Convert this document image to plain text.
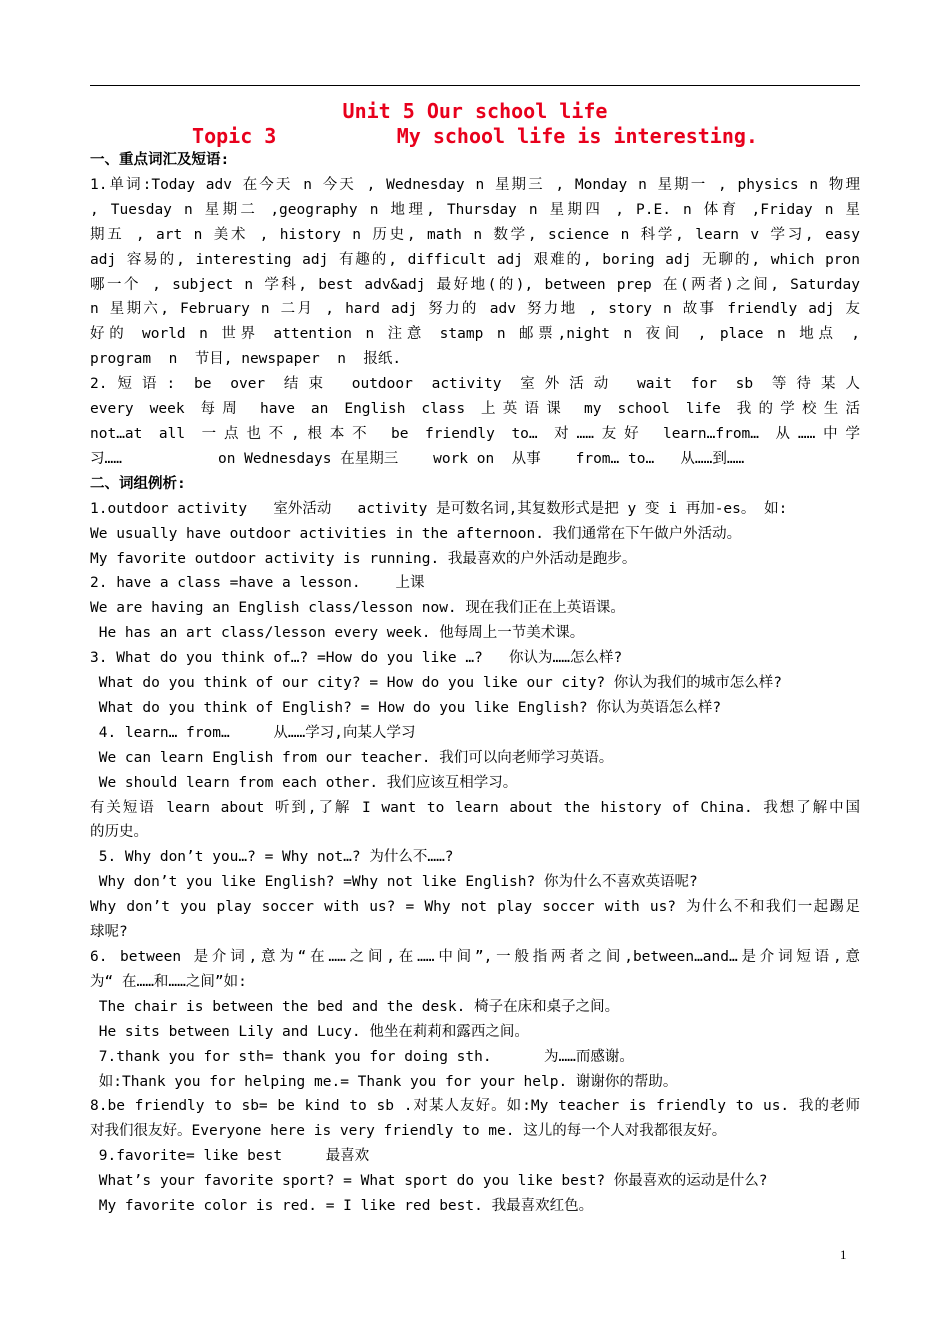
Unit 5 Our school life
Topic 3          My school life is interesting.

一、重点词汇及短语:

1.单词:Today adv 在今天 n 今天 , Wednesday n 星期三 , Monday n 星期一 , physics n 物理

, Tuesday n 星期二 ,geography n 地理, Thursday n 星期四 , P.E. n 体育 ,Friday n 星

期五 , art n 美术 , history n 历史, math n 数学, science n 科学, learn v 学习, easy

adj 容易的, interesting adj 有趣的, difficult adj 艰难的, boring adj 无聊的, which pron

哪一个 , subject n 学科, best adv&adj 最好地(的), between prep 在(两者)之间, Saturday

n 星期六, February n 二月 , hard adj 努力的 adv 努力地 , story n 故事 friendly adj 友

好的 world n 世界 attention n 注意 stamp n 邮票,night n 夜间 , place n 地点 ,

program  n  节目, newspaper  n  报纸.

2.短语: be over 结束 outdoor activity 室外活动 wait for sb 等待某人

every week 每周 have an English class 上英语课 my school life 我的学校生活

not…at all 一点也不,根本不 be friendly to… 对……友好 learn…from… 从……中学

习……           on Wednesdays 在星期三    work on  从事    from… to…   从……到……

二、词组例析:

1.outdoor activity   室外活动   activity 是可数名词,其复数形式是把 y 变 i 再加-es。 如:

We usually have outdoor activities in the afternoon. 我们通常在下午做户外活动。

My favorite outdoor activity is running. 我最喜欢的户外活动是跑步。

2. have a class =have a lesson.    上课

We are having an English class/lesson now. 现在我们正在上英语课。

He has an art class/lesson every week. 他每周上一节美术课。

3. What do you think of…? =How do you like …?   你认为……怎么样?

What do you think of our city? = How do you like our city? 你认为我们的城市怎么样?

What do you think of English? = How do you like English? 你认为英语怎么样?

4. learn… from…     从……学习,向某人学习

We can learn English from our teacher. 我们可以向老师学习英语。

We should learn from each other. 我们应该互相学习。

有关短语 learn about 听到,了解 I want to learn about the history of China. 我想了解中国

的历史。

5. Why don’t you…? = Why not…? 为什么不……?

Why don’t you like English? =Why not like English? 你为什么不喜欢英语呢?

Why don’t you play soccer with us? = Why not play soccer with us? 为什么不和我们一起踢足

球呢?

6. between 是介词,意为“在……之间,在……中间”,一般指两者之间,between…and…是介词短语,意

为“ 在……和……之间”如:

The chair is between the bed and the desk. 椅子在床和桌子之间。

He sits between Lily and Lucy. 他坐在莉莉和露西之间。

7.thank you for sth= thank you for doing sth.      为……而感谢。

如:Thank you for helping me.= Thank you for your help. 谢谢你的帮助。

8.be friendly to sb= be kind to sb .对某人友好。如:My teacher is friendly to us. 我的老师

对我们很友好。Everyone here is very friendly to me. 这儿的每一个人对我都很友好。

9.favorite= like best     最喜欢

What’s your favorite sport? = What sport do you like best? 你最喜欢的运动是什么?

My favorite color is red. = I like red best. 我最喜欢红色。

1
